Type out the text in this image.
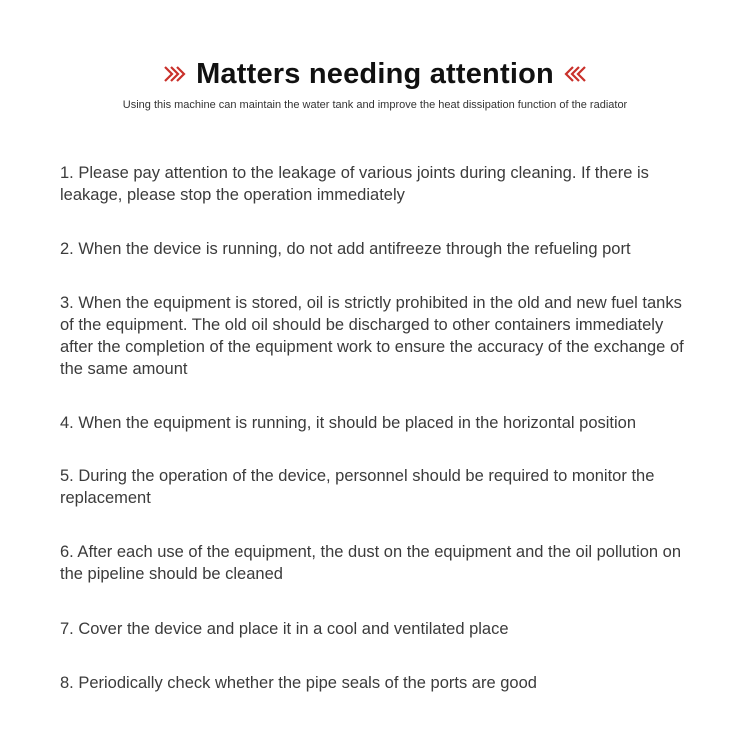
Matters needing attention
Using this machine can maintain the water tank and improve the heat dissipation function of the radiator
1. Please pay attention to the leakage of various joints during cleaning. If there is leakage, please stop the operation immediately
2. When the device is running, do not add antifreeze through the refueling port
3. When the equipment is stored, oil is strictly prohibited in the old and new fuel tanks of the equipment. The old oil should be discharged to other containers immediately after the completion of the equipment work to ensure the accuracy of the exchange of the same amount
4. When the equipment is running, it should be placed in the horizontal position
5. During the operation of the device, personnel should be required to monitor the replacement
6. After each use of the equipment, the dust on the equipment and the oil pollution on the pipeline should be cleaned
7. Cover the device and place it in a cool and ventilated place
8. Periodically check whether the pipe seals of the ports are good
